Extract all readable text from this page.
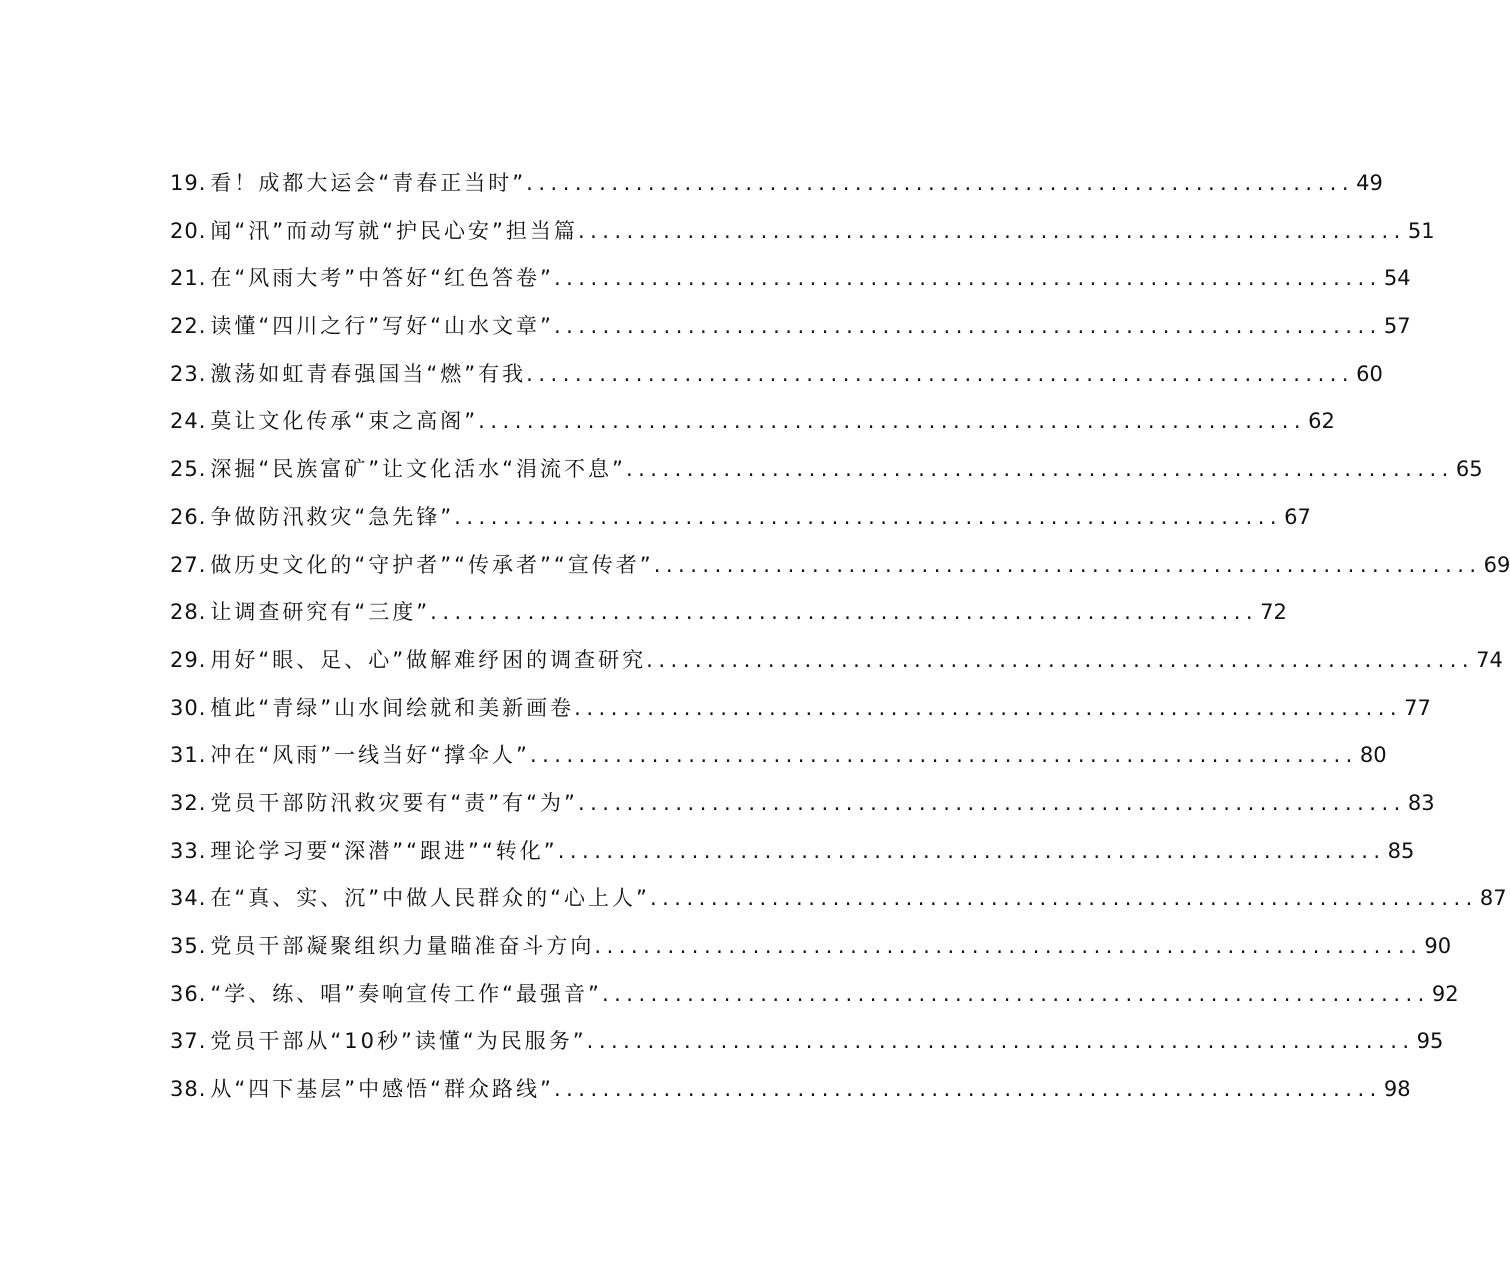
19. 看！成都大运会“青春正当时” .................................................................... 49
20. 闻“汛”而动写就“护民心安”担当篇 .................................................................... 51
21. 在“风雨大考”中答好“红色答卷” .................................................................... 54
22. 读懂“四川之行”写好“山水文章” .................................................................... 57
23. 激荡如虹青春强国当“燃”有我 .................................................................... 60
24. 莫让文化传承“束之高阁” .................................................................... 62
25. 深掘“民族富矿”让文化活水“涓流不息” .................................................................... 65
26. 争做防汛救灾“急先锋” .................................................................... 67
27. 做历史文化的“守护者”“传承者”“宣传者” .................................................................... 69
28. 让调查研究有“三度” .................................................................... 72
29. 用好“眼、足、心”做解难纾困的调查研究 .................................................................... 74
30. 植此“青绿”山水间绘就和美新画卷 .................................................................... 77
31. 冲在“风雨”一线当好“撑伞人” .................................................................... 80
32. 党员干部防汛救灾要有“责”有“为” .................................................................... 83
33. 理论学习要“深潜”“跟进”“转化” .................................................................... 85
34. 在“真、实、沉”中做人民群众的“心上人” .................................................................... 87
35. 党员干部凝聚组织力量瞄准奋斗方向 .................................................................... 90
36. “学、练、唱”奏响宣传工作“最强音” .................................................................... 92
37. 党员干部从“10秒”读懂“为民服务” .................................................................... 95
38. 从“四下基层”中感悟“群众路线” .................................................................... 98
